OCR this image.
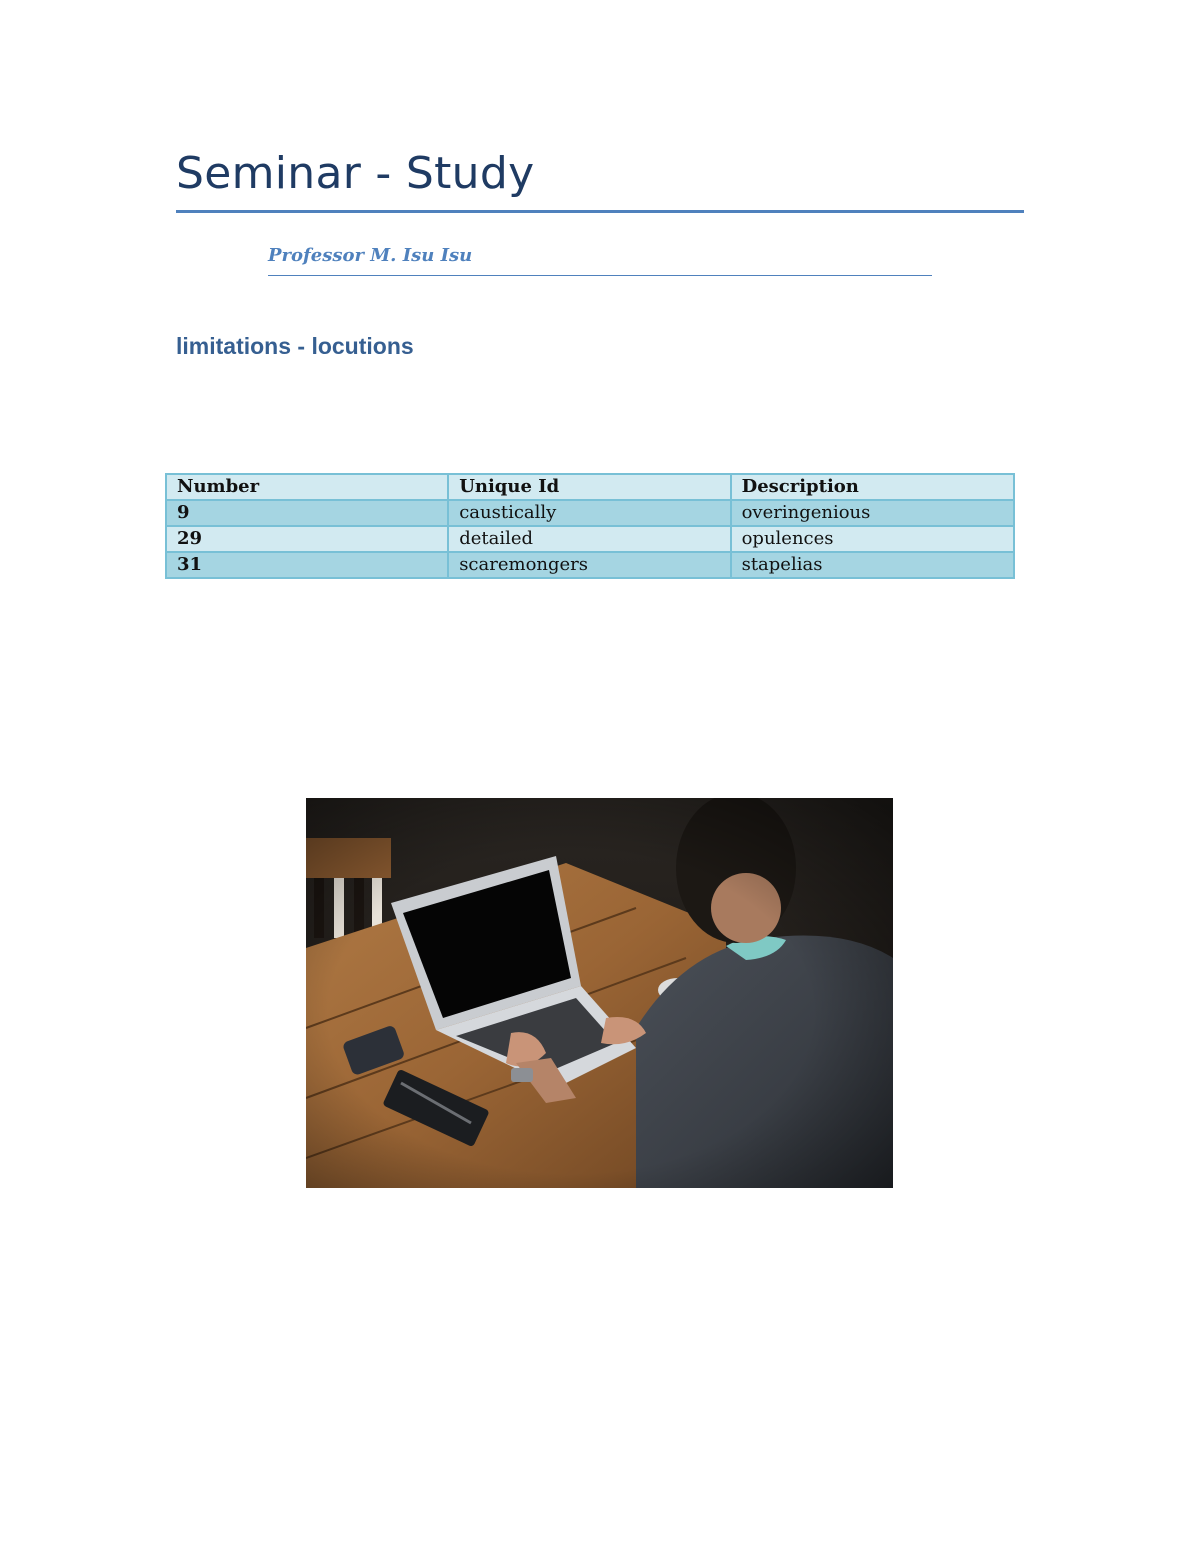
Seminar - Study
Professor M. Isu Isu
limitations - locutions
Number	Unique Id	Description
9	caustically	overingenious
29	detailed	opulences
31	scaremongers	stapelias
